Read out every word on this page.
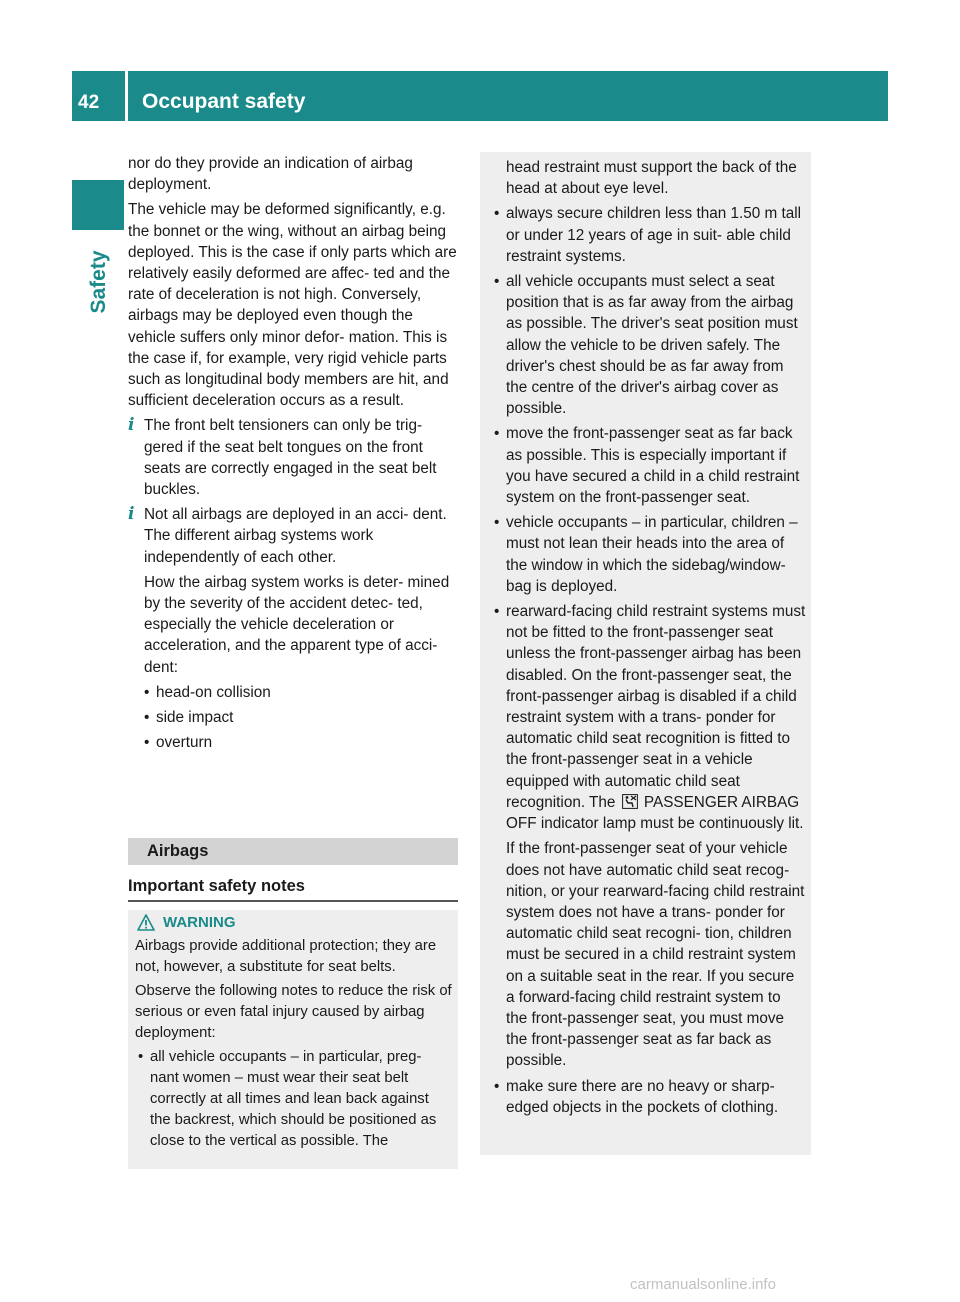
42 Occupant safety
Safety
nor do they provide an indication of airbag deployment.
The vehicle may be deformed significantly, e.g. the bonnet or the wing, without an airbag being deployed. This is the case if only parts which are relatively easily deformed are affec- ted and the rate of deceleration is not high. Conversely, airbags may be deployed even though the vehicle suffers only minor defor- mation. This is the case if, for example, very rigid vehicle parts such as longitudinal body members are hit, and sufficient deceleration occurs as a result.
i The front belt tensioners can only be trig- gered if the seat belt tongues on the front seats are correctly engaged in the seat belt buckles.
i Not all airbags are deployed in an acci- dent. The different airbag systems work independently of each other.
How the airbag system works is deter- mined by the severity of the accident detec- ted, especially the vehicle deceleration or acceleration, and the apparent type of acci- dent:
• head-on collision
• side impact
• overturn
Airbags
Important safety notes
WARNING
Airbags provide additional protection; they are not, however, a substitute for seat belts.
Observe the following notes to reduce the risk of serious or even fatal injury caused by airbag deployment:
• all vehicle occupants – in particular, preg- nant women – must wear their seat belt correctly at all times and lean back against the backrest, which should be positioned as close to the vertical as possible. The
head restraint must support the back of the head at about eye level.
• always secure children less than 1.50 m tall or under 12 years of age in suit- able child restraint systems.
• all vehicle occupants must select a seat position that is as far away from the airbag as possible. The driver's seat position must allow the vehicle to be driven safely. The driver's chest should be as far away from the centre of the driver's airbag cover as possible.
• move the front-passenger seat as far back as possible. This is especially important if you have secured a child in a child restraint system on the front-passenger seat.
• vehicle occupants – in particular, children – must not lean their heads into the area of the window in which the sidebag/window- bag is deployed.
• rearward-facing child restraint systems must not be fitted to the front-passenger seat unless the front-passenger airbag has been disabled. On the front-passenger seat, the front-passenger airbag is disabled if a child restraint system with a trans- ponder for automatic child seat recognition is fitted to the front-passenger seat in a vehicle equipped with automatic child seat recognition. The PASSENGER AIRBAG OFF indicator lamp must be continuously lit.
If the front-passenger seat of your vehicle does not have automatic child seat recog- nition, or your rearward-facing child restraint system does not have a trans- ponder for automatic child seat recogni- tion, children must be secured in a child restraint system on a suitable seat in the rear. If you secure a forward-facing child restraint system to the front-passenger seat, you must move the front-passenger seat as far back as possible.
• make sure there are no heavy or sharp- edged objects in the pockets of clothing.
carmanualsonline.info
